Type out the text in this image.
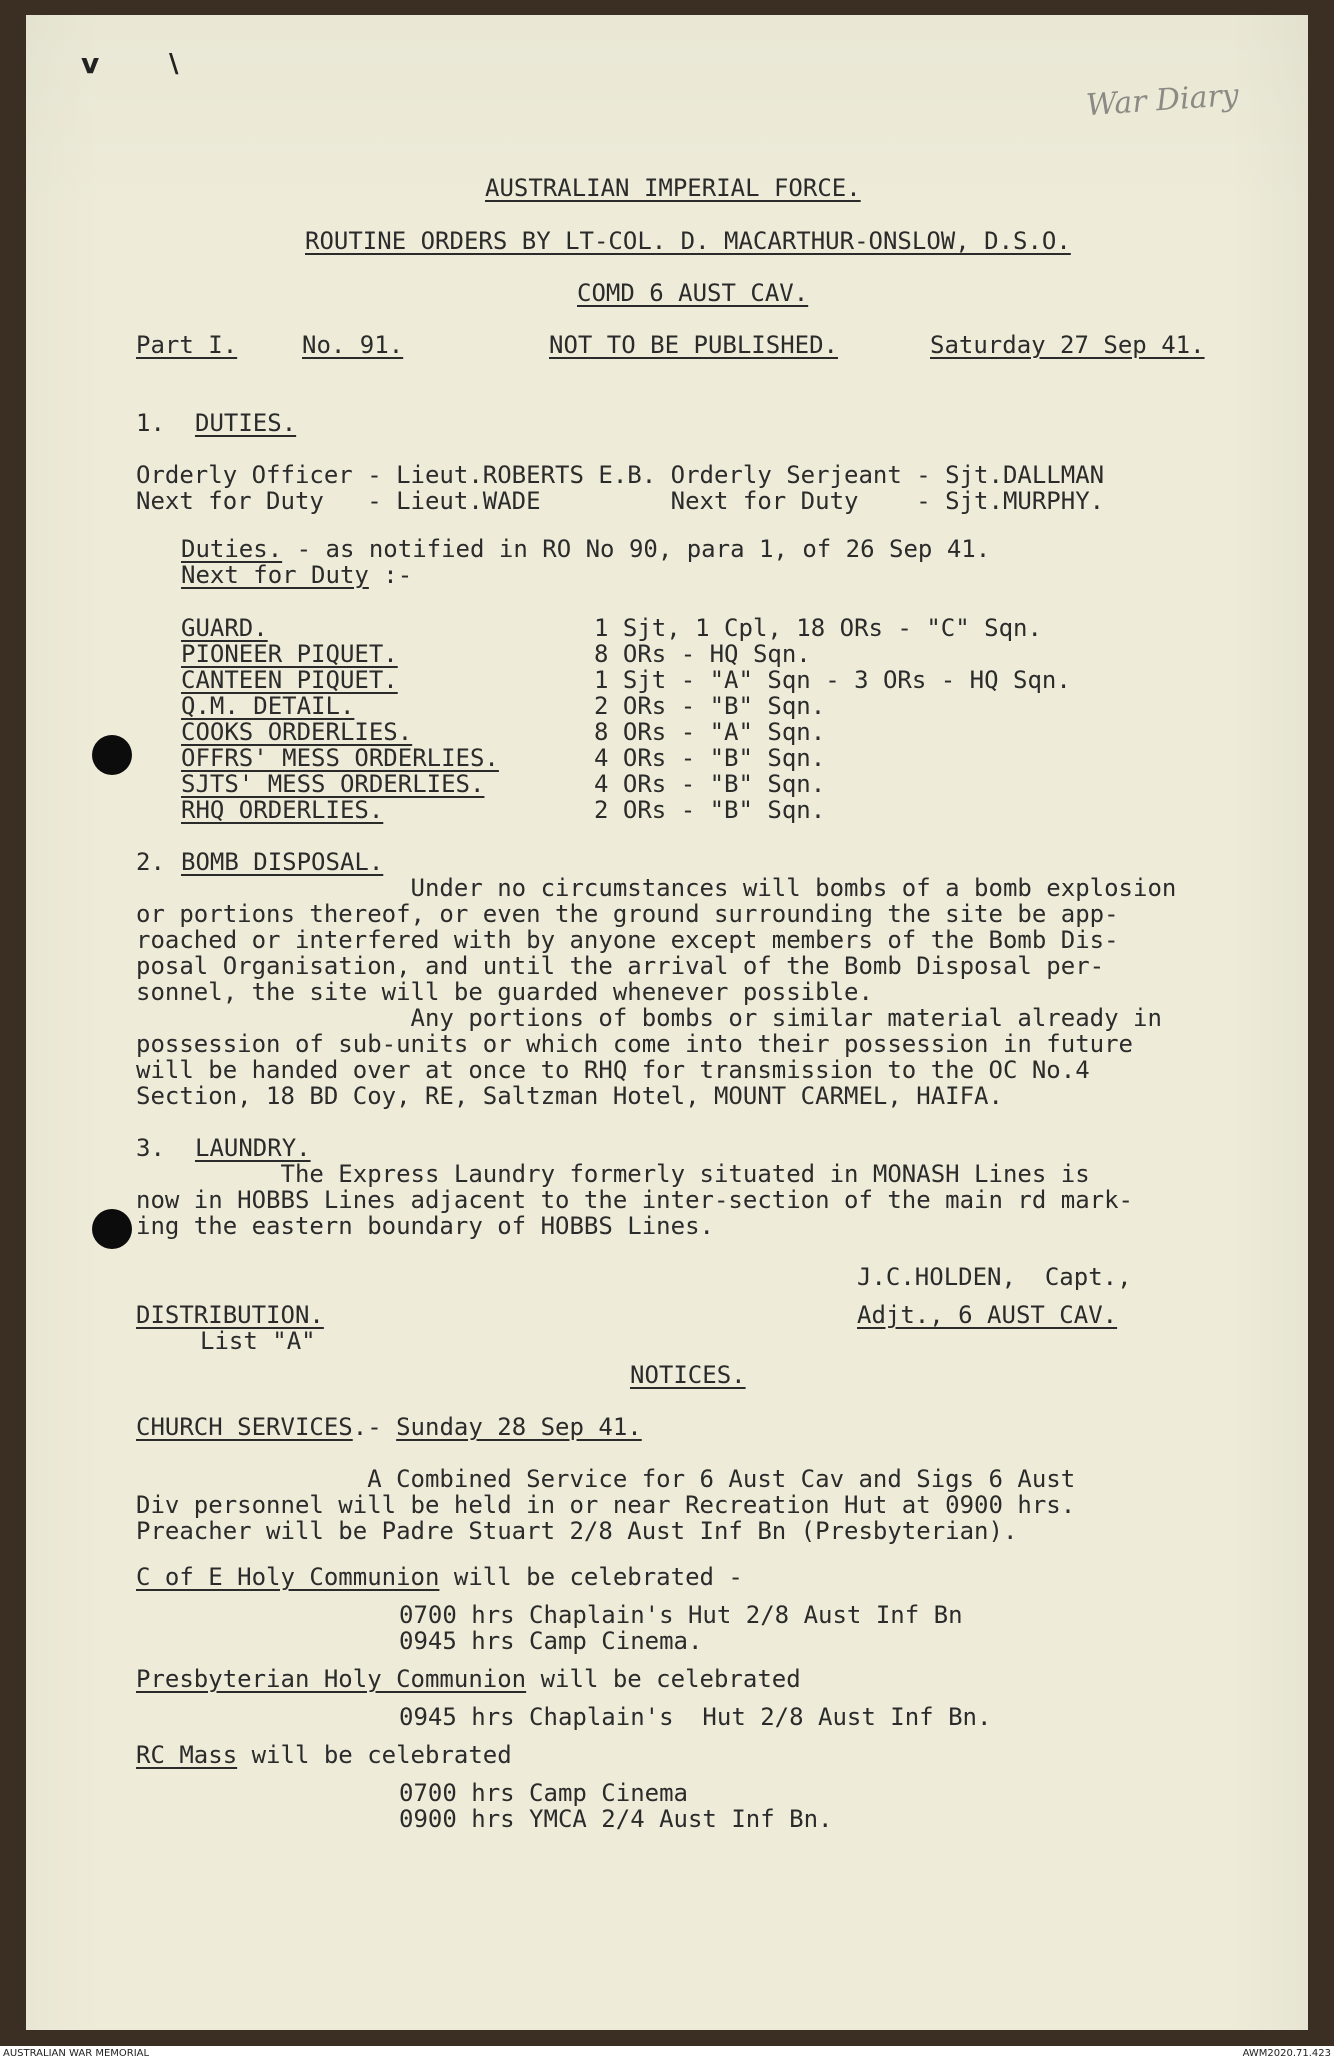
v	\
War Diary
AUSTRALIAN IMPERIAL FORCE.
ROUTINE ORDERS BY LT-COL. D. MACARTHUR-ONSLOW, D.S.O.
COMD 6 AUST CAV.
Part I.	No. 91.	NOT TO BE PUBLISHED.	Saturday 27 Sep 41.
1. DUTIES.
Orderly Officer - Lieut.ROBERTS E.B. Orderly Serjeant - Sjt.DALLMAN
Next for Duty   - Lieut.WADE         Next for Duty    - Sjt.MURPHY.
Duties. - as notified in RO No 90, para 1, of 26 Sep 41.
Next for Duty :-
GUARD.	1 Sjt, 1 Cpl, 18 ORs - "C" Sqn.
PIONEER PIQUET.	8 ORs - HQ Sqn.
CANTEEN PIQUET.	1 Sjt - "A" Sqn - 3 ORs - HQ Sqn.
Q.M. DETAIL.	2 ORs - "B" Sqn.
COOKS ORDERLIES.	8 ORs - "A" Sqn.
OFFRS' MESS ORDERLIES.	4 ORs - "B" Sqn.
SJTS' MESS ORDERLIES.	4 ORs - "B" Sqn.
RHQ ORDERLIES.	2 ORs - "B" Sqn.
2. BOMB DISPOSAL.
Under no circumstances will bombs of a bomb explosion
or portions thereof, or even the ground surrounding the site be app-
roached or interfered with by anyone except members of the Bomb Dis-
posal Organisation, and until the arrival of the Bomb Disposal per-
sonnel, the site will be guarded whenever possible.
Any portions of bombs or similar material already in
possession of sub-units or which come into their possession in future
will be handed over at once to RHQ for transmission to the OC No.4
Section, 18 BD Coy, RE, Saltzman Hotel, MOUNT CARMEL, HAIFA.
3. LAUNDRY.
The Express Laundry formerly situated in MONASH Lines is
now in HOBBS Lines adjacent to the inter-section of the main rd mark-
ing the eastern boundary of HOBBS Lines.
J.C.HOLDEN,  Capt.,
DISTRIBUTION.	Adjt., 6 AUST CAV.
List "A"
NOTICES.
CHURCH SERVICES.- Sunday 28 Sep 41.
A Combined Service for 6 Aust Cav and Sigs 6 Aust
Div personnel will be held in or near Recreation Hut at 0900 hrs.
Preacher will be Padre Stuart 2/8 Aust Inf Bn (Presbyterian).
C of E Holy Communion will be celebrated -
0700 hrs Chaplain's Hut 2/8 Aust Inf Bn
0945 hrs Camp Cinema.
Presbyterian Holy Communion will be celebrated
0945 hrs Chaplain's  Hut 2/8 Aust Inf Bn.
RC Mass will be celebrated
0700 hrs Camp Cinema
0900 hrs YMCA 2/4 Aust Inf Bn.
AUSTRALIAN WAR MEMORIAL	AWM2020.71.423
